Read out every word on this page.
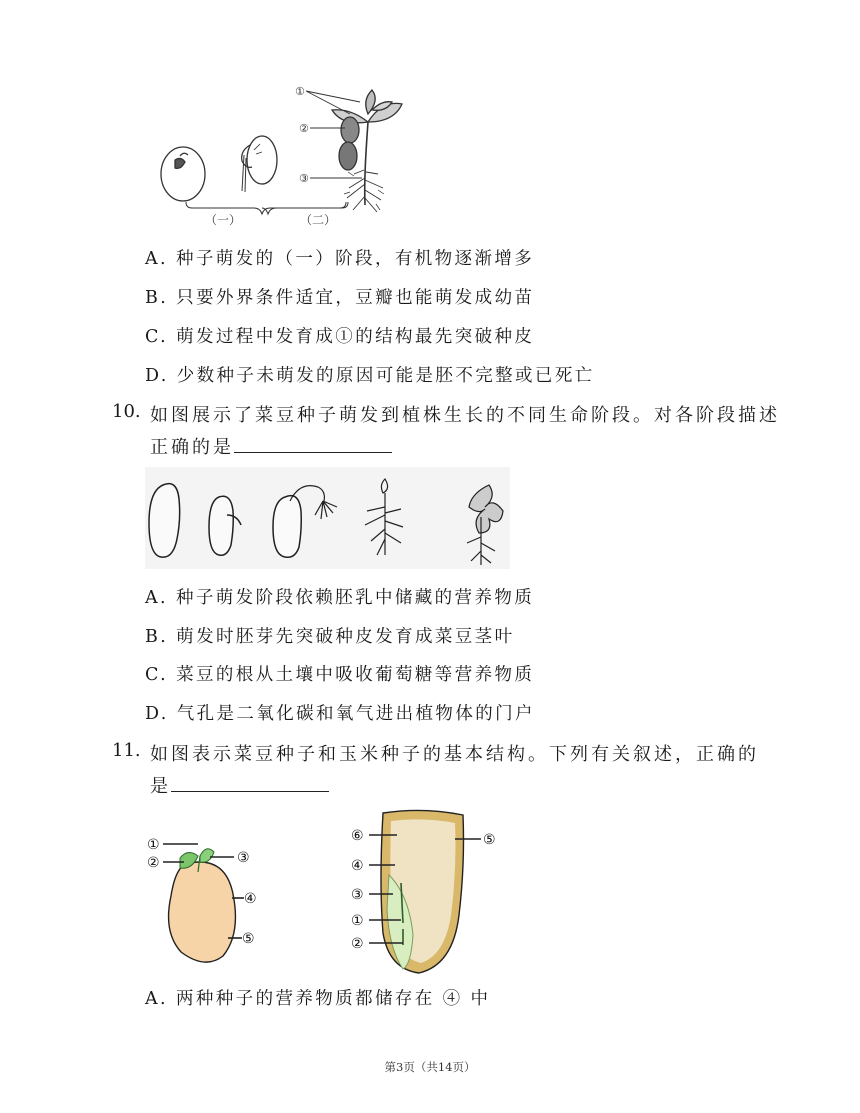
①
②
③
（一）	（二）
A. 种子萌发的（一）阶段，有机物逐渐增多
B. 只要外界条件适宜，豆瓣也能萌发成幼苗
C. 萌发过程中发育成①的结构最先突破种皮
D. 少数种子未萌发的原因可能是胚不完整或已死亡
10. 如图展示了菜豆种子萌发到植株生长的不同生命阶段。对各阶段描述
正确的是
A. 种子萌发阶段依赖胚乳中储藏的营养物质
B. 萌发时胚芽先突破种皮发育成菜豆茎叶
C. 菜豆的根从土壤中吸收葡萄糖等营养物质
D. 气孔是二氧化碳和氧气进出植物体的门户
11. 如图表示菜豆种子和玉米种子的基本结构。下列有关叙述，正确的
是
①
②	③
④
⑤
⑥
④
③
①
②
⑤
A. 两种种子的营养物质都储存在 ④ 中
第3页（共14页）
